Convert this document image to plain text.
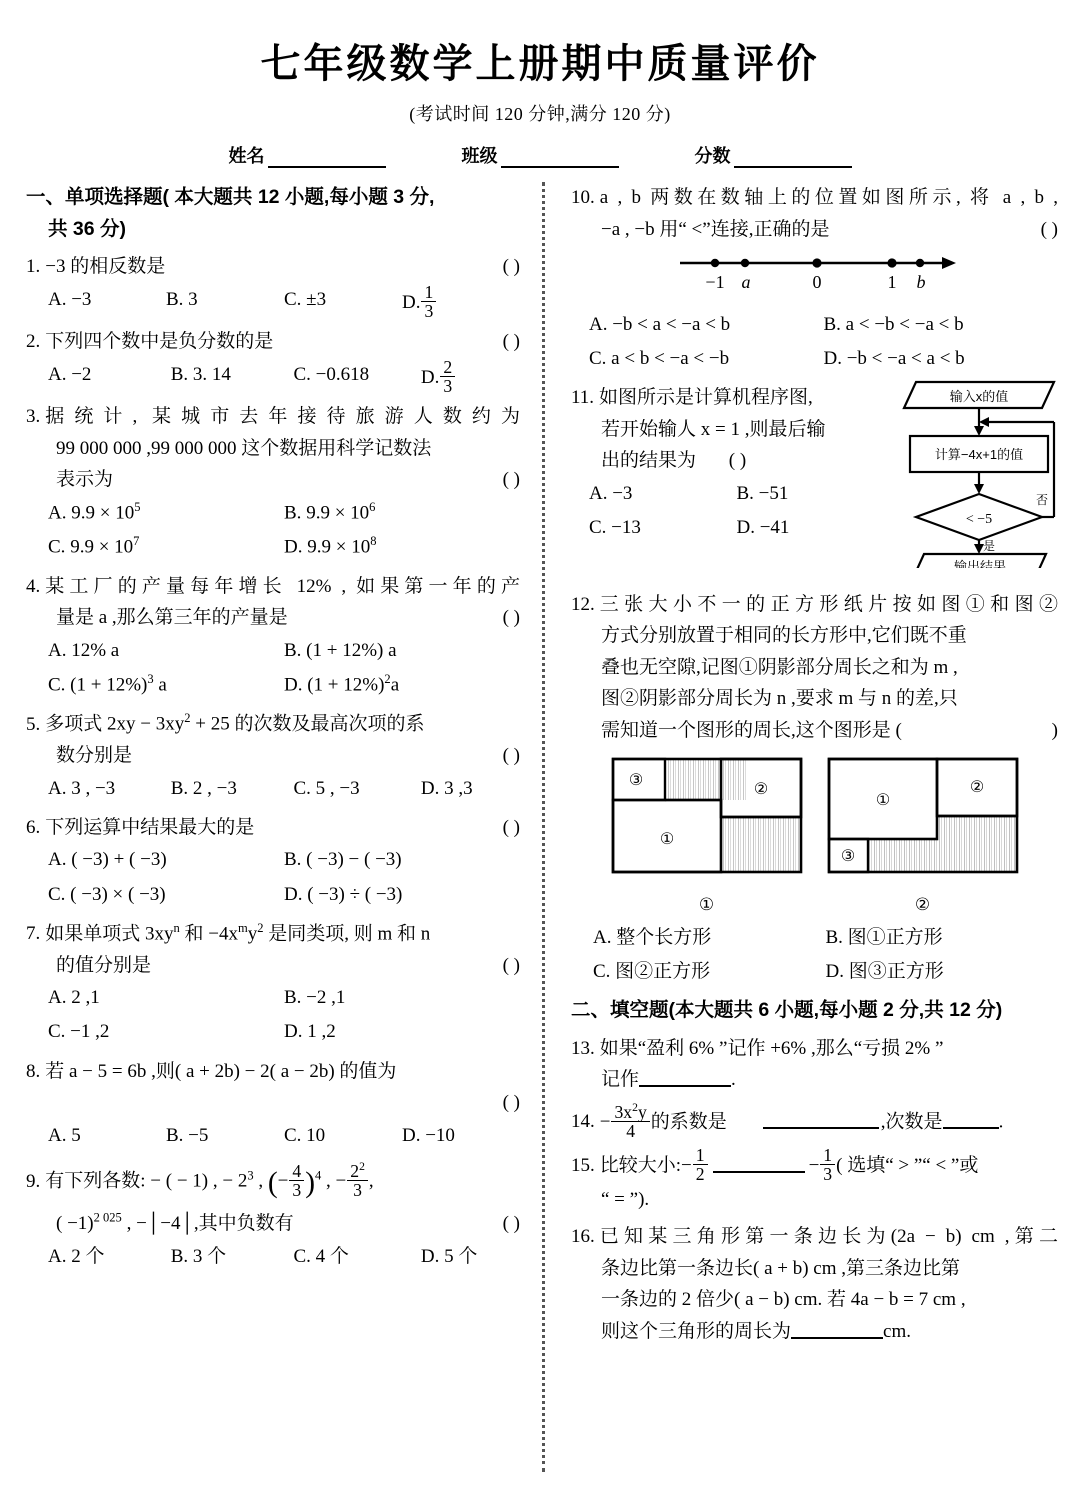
七年级数学上册期中质量评价
(考试时间 120 分钟,满分 120 分)
姓名	班级	分数
一、单项选择题( 本大题共 12 小题,每小题 3 分,
共 36 分)
1. −3 的相反数是	( )
A. −3	B. 3	C. ±3	D. $\frac{1}{3}$
2. 下列四个数中是负分数的是	( )
A. −2	B. 3. 14	C. −0.618	D. $\frac{2}{3}$
3. 据统计, 某城市去年接待旅游人数约为
99 000 000 ,99 000 000 这个数据用科学记数法
表示为	( )
A. $9.9 \times 10^5$	B. $9.9 \times 10^6$
C. $9.9 \times 10^7$	D. $9.9 \times 10^8$
4. 某工厂的产量每年增长 12% , 如果第一年的产
量是 a ,那么第三年的产量是	( )
A. 12% a	B. (1 + 12%) a
C. $(1 + 12\%)^3$ a	D. $(1 + 12\%)^2a$
5. 多项式 $2xy - 3xy^2 + 25$ 的次数及最高次项的系
数分别是	( )
A. 3 , −3	B. 2 , −3	C. 5 , −3	D. 3 ,3
6. 下列运算中结果最大的是	( )
A. ( −3) + ( −3)	B. ( −3) − ( −3)
C. ( −3) × ( −3)	D. ( −3) ÷ ( −3)
7. 如果单项式 $3xy^n$ 和 $-4x^my^2$ 是同类项, 则 m 和 n
的值分别是	( )
A. 2 ,1	B. −2 ,1
C. −1 ,2	D. 1 ,2
8. 若 a − 5 = 6b ,则( a + 2b) − 2( a − 2b) 的值为
( )
A. 5	B. −5	C. 10	D. −10
9. 有下列各数: − ( − 1) , − $2^3$ , (− $\frac{4}{3} )^4$ , − $\frac{2^2}{3}$ ,
( −1)$^{2 025}$ , −│−4│,其中负数有	( )
A. 2 个	B. 3 个	C. 4 个	D. 5 个
10. a , b 两数在数轴上的位置如图所示, 将 a , b ,
−a , −b 用“ <”连接,正确的是	( )
−1 a	0	1 b
A. −b < a < −a < b	B. a < −b < −a < b
C. a < b < −a < −b	D. −b < −a < a < b
11. 如图所示是计算机程序图,
若开始输人 x = 1 ,则最后输
出的结果为 ( )
A. −3	B. −51
C. −13	D. −41
输入x的值
计算−4x+1的值
< −5
否
是
输出结果
12. 三张大小不一的正方形纸片按如图①和图②
方式分别放置于相同的长方形中,它们既不重
叠也无空隙,记图①阴影部分周长之和为 m ,
图②阴影部分周长为 n ,要求 m 与 n 的差,只
需知道一个图形的周长,这个图形是 (	)
③
②
①
①
①
②
③
②
A. 整个长方形	B. 图①正方形
C. 图②正方形	D. 图③正方形
二、填空题(本大题共 6 小题,每小题 2 分,共 12 分)
13. 如果“盈利 6% ”记作 +6% ,那么“亏损 2% ”
记作	.
14. − $\frac{3x^2y}{4}$ 的系数是	,次数是	.
15. 比较大小:− $\frac{1}{2}$	− $\frac{1}{3}$ ( 选填“ > ”“ < ”或
“ = ”).
16. 已知某三角形第一条边长为(2a − b) cm ,第二
条边比第一条边长( a + b) cm ,第三条边比第
一条边的 2 倍少( a − b) cm. 若 4a − b = 7 cm ,
则这个三角形的周长为	cm.
